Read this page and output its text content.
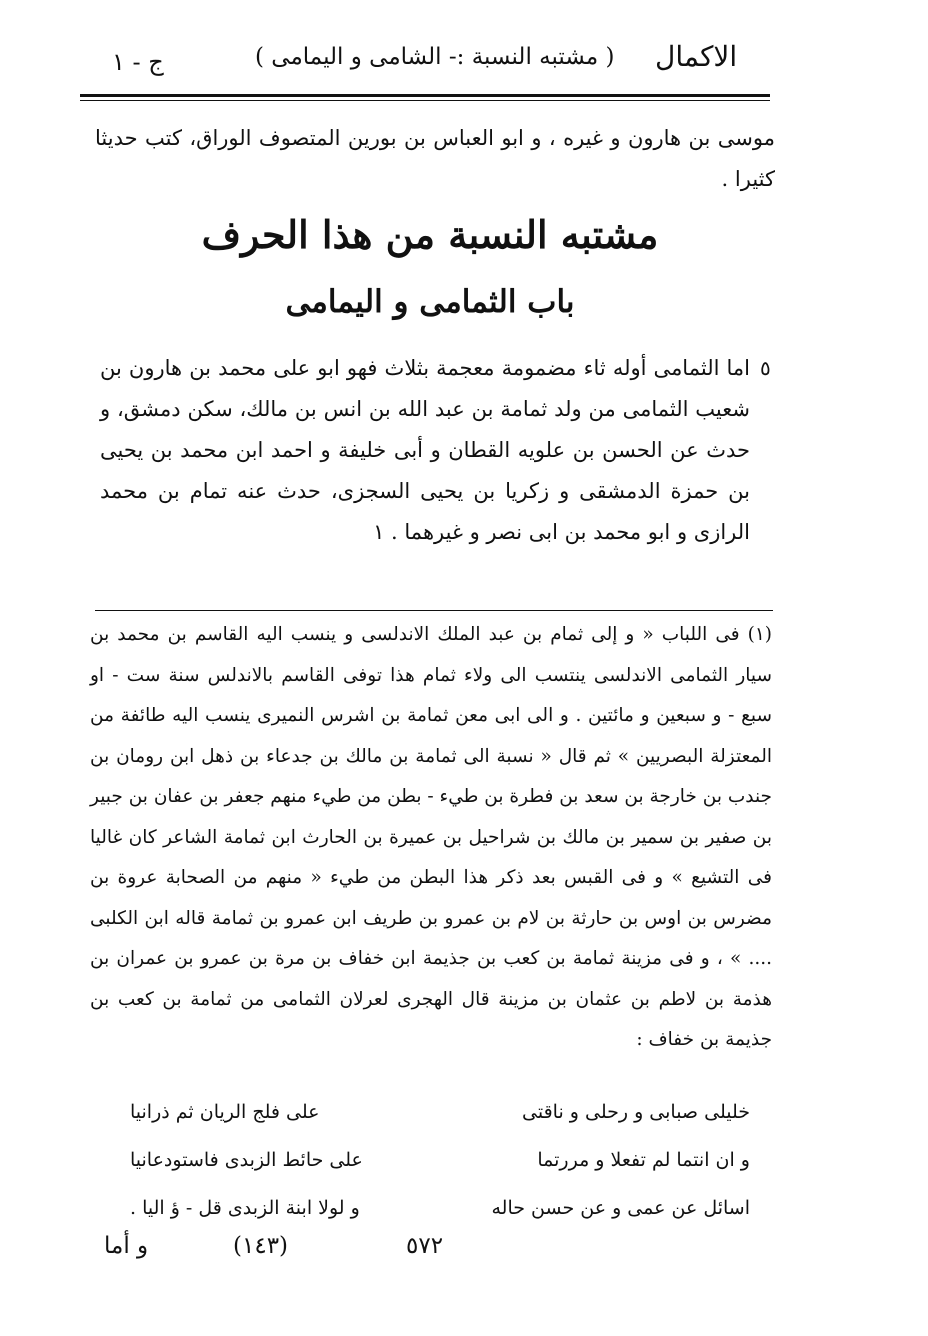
الاكمال
( مشتبه النسبة :- الشامى و اليمامى )
ج - ١
موسى بن هارون و غيره ، و ابو العباس بن بورين المتصوف الوراق، كتب حديثا كثيرا .
مشتبه النسبة من هذا الحرف
باب الثمامى و اليمامى
٥
اما الثمامى أوله ثاء مضمومة معجمة بثلاث فهو ابو على محمد بن هارون بن شعيب الثمامى من ولد ثمامة بن عبد الله بن انس بن مالك، سكن دمشق، و حدث عن الحسن بن علويه القطان و أبى خليفة و احمد ابن محمد بن يحيى بن حمزة الدمشقى و زكريا بن يحيى السجزى، حدث عنه تمام بن محمد الرازى و ابو محمد بن ابى نصر و غيرهما . ١
(١) فى اللباب « و إلى ثمام بن عبد الملك الاندلسى و ينسب اليه القاسم بن محمد بن سيار الثمامى الاندلسى ينتسب الى ولاء ثمام هذا توفى القاسم بالاندلس سنة ست - او سبع - و سبعين و مائتين . و الى ابى معن ثمامة بن اشرس النميرى ينسب اليه طائفة من المعتزلة البصريين » ثم قال « نسبة الى ثمامة بن مالك بن جدعاء بن ذهل ابن رومان بن جندب بن خارجة بن سعد بن فطرة بن طيء - بطن من طيء منهم جعفر بن عفان بن جبير بن صفير بن سمير بن مالك بن شراحيل بن عميرة بن الحارث ابن ثمامة الشاعر كان غاليا فى التشيع » و فى القبس بعد ذكر هذا البطن من طيء « منهم من الصحابة عروة بن مضرس بن اوس بن حارثة بن لام بن عمرو بن طريف ابن عمرو بن ثمامة قاله ابن الكلبى .... » ، و فى مزينة ثمامة بن كعب بن جذيمة ابن خفاف بن مرة بن عمرو بن عمران بن هذمة بن لاطم بن عثمان بن مزينة قال الهجرى لعرلان الثمامى من ثمامة بن كعب بن جذيمة بن خفاف :
خليلى صبابى و رحلى و ناقتى
على فلج الريان ثم ذرانيا
و ان انتما لم تفعلا و مررتما
على حائط الزبدى فاستودعانيا
اسائل عن عمى و عن حسن حاله
و لولا ابنة الزبدى قل - ؤ اليا .
٥٧٢
(١٤٣)
و أما
